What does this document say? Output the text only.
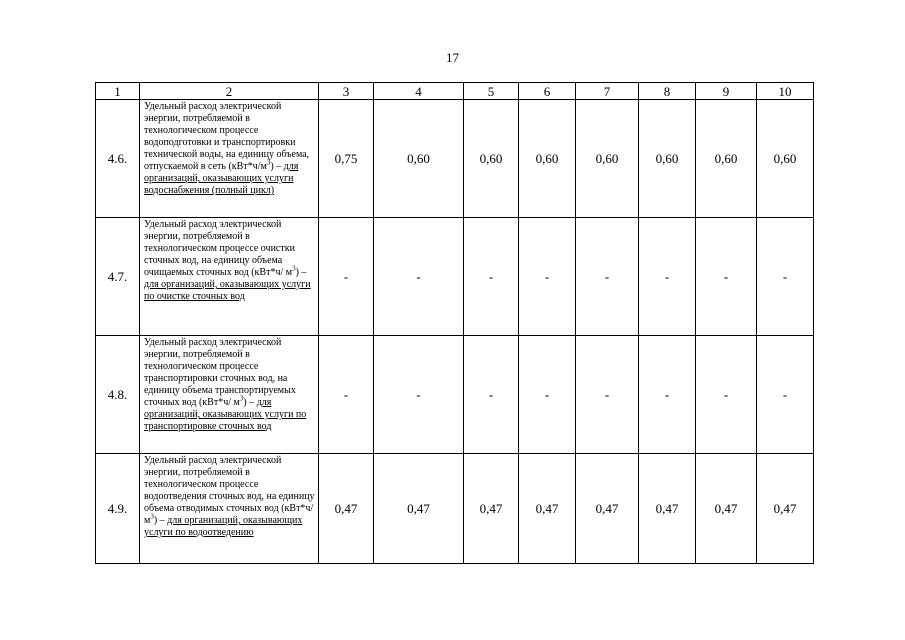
17
1	2	3	4	5	6	7	8	9	10
4.6.	Удельный расход электрической энергии, потребляемой в технологическом процессе водоподготовки и транспортировки технической воды, на единицу объема, отпускаемой в сеть $(кВт*ч/м^3)$ – для организаций, оказывающих услуги водоснабжения (полный цикл)	0,75	0,60	0,60	0,60	0,60	0,60	0,60	0,60
4.7.	Удельный расход электрической энергии, потребляемой в технологическом процессе очистки сточных вод, на единицу объема очищаемых сточных вод (кВт*ч/ $м^3$) – для организаций, оказывающих услуги по очистке сточных вод	-	-	-	-	-	-	-	-
4.8.	Удельный расход электрической энергии, потребляемой в технологическом процессе транспортировки сточных вод, на единицу объема транспортируемых сточных вод (кВт*ч/ $м^3$) – для организаций, оказывающих услуги по транспортировке сточных вод	-	-	-	-	-	-	-	-
4.9.	Удельный расход электрической энергии, потребляемой в технологическом процессе водоотведения сточных вод, на единицу объема отводимых сточных вод (кВт*ч/ $м^3$) – для организаций, оказывающих услуги по водоотведению	0,47	0,47	0,47	0,47	0,47	0,47	0,47	0,47
